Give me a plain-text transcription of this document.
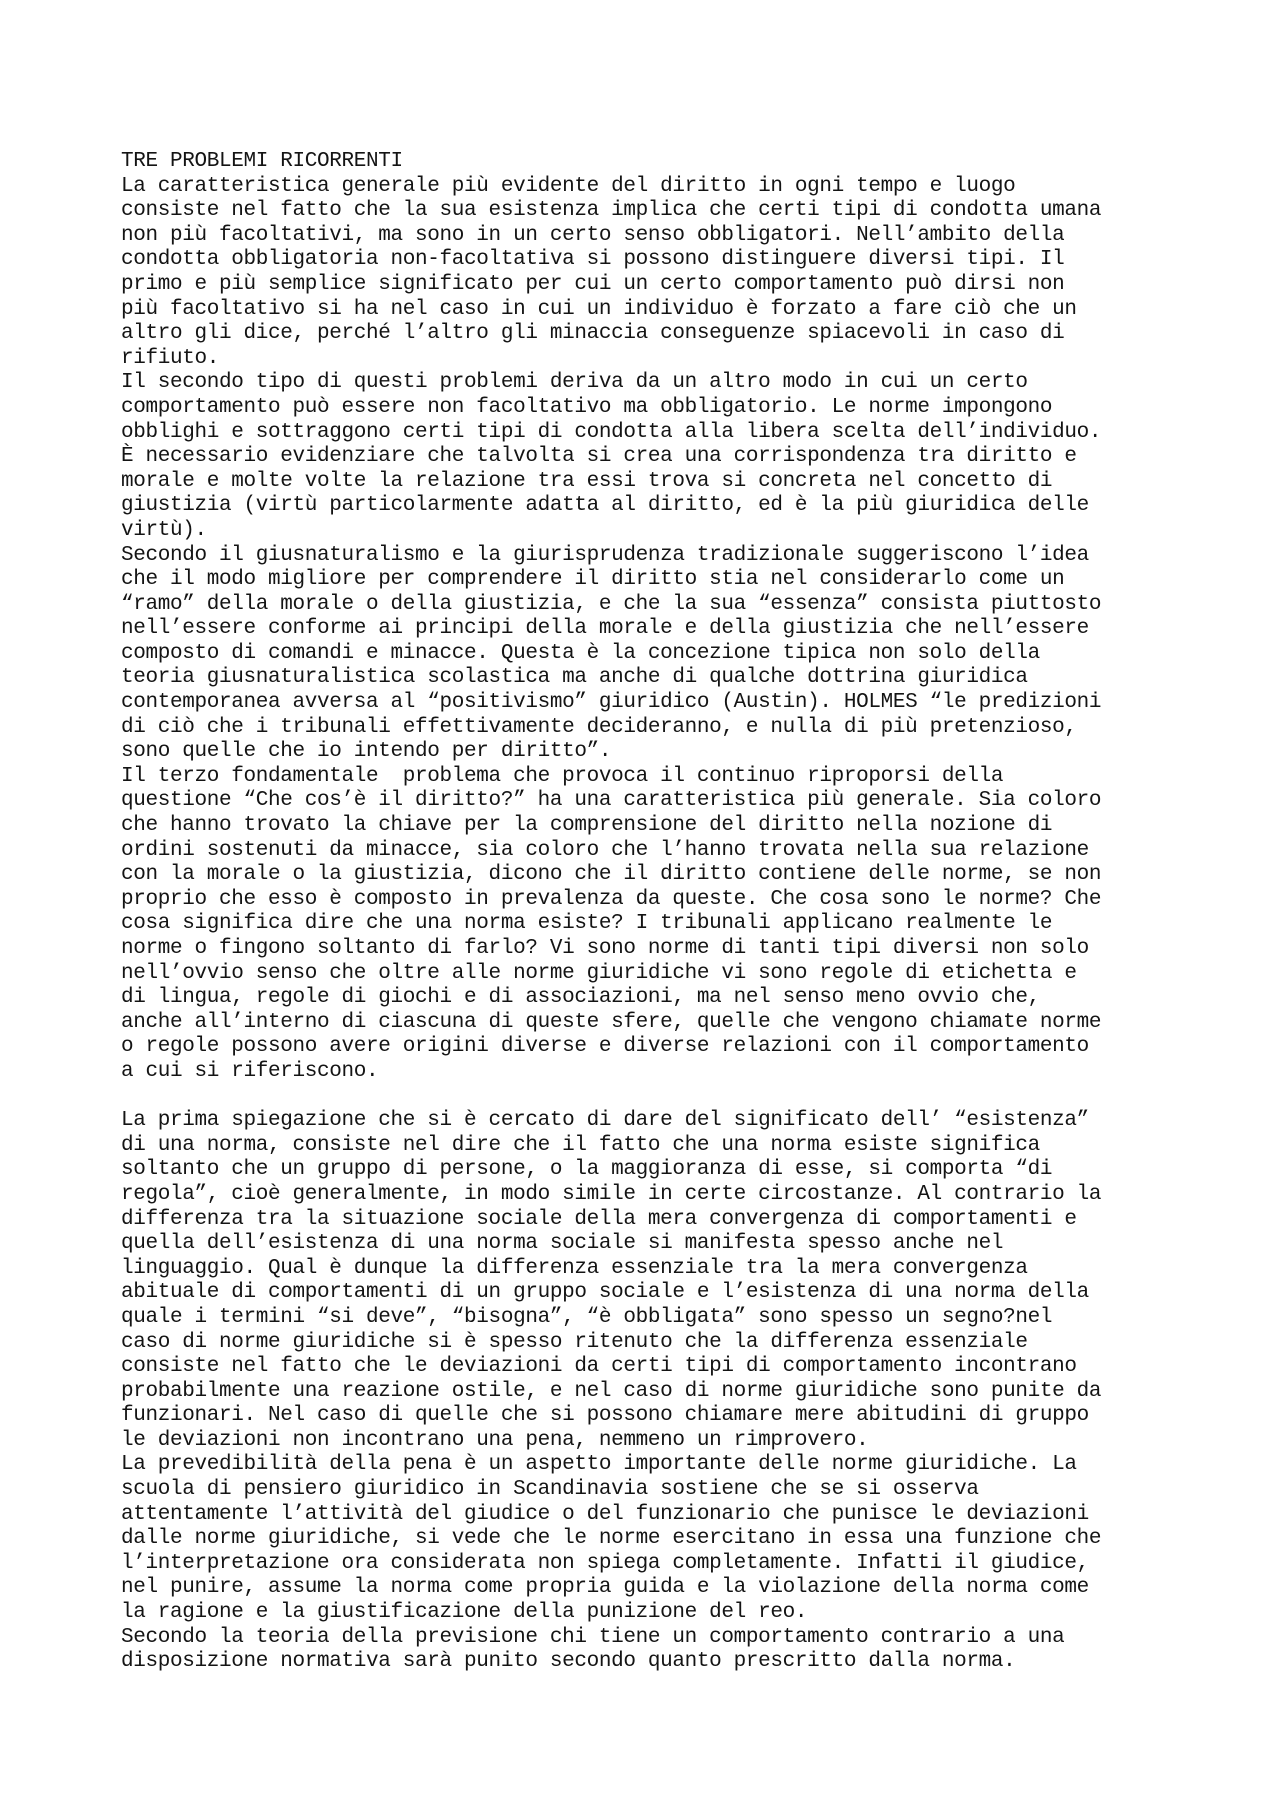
TRE PROBLEMI RICORRENTI
La caratteristica generale più evidente del diritto in ogni tempo e luogo
consiste nel fatto che la sua esistenza implica che certi tipi di condotta umana
non più facoltativi, ma sono in un certo senso obbligatori. Nell’ambito della
condotta obbligatoria non-facoltativa si possono distinguere diversi tipi. Il
primo e più semplice significato per cui un certo comportamento può dirsi non
più facoltativo si ha nel caso in cui un individuo è forzato a fare ciò che un
altro gli dice, perché l’altro gli minaccia conseguenze spiacevoli in caso di
rifiuto.
Il secondo tipo di questi problemi deriva da un altro modo in cui un certo
comportamento può essere non facoltativo ma obbligatorio. Le norme impongono
obblighi e sottraggono certi tipi di condotta alla libera scelta dell’individuo.
È necessario evidenziare che talvolta si crea una corrispondenza tra diritto e
morale e molte volte la relazione tra essi trova si concreta nel concetto di
giustizia (virtù particolarmente adatta al diritto, ed è la più giuridica delle
virtù).
Secondo il giusnaturalismo e la giurisprudenza tradizionale suggeriscono l’idea
che il modo migliore per comprendere il diritto stia nel considerarlo come un
“ramo” della morale o della giustizia, e che la sua “essenza” consista piuttosto
nell’essere conforme ai principi della morale e della giustizia che nell’essere
composto di comandi e minacce. Questa è la concezione tipica non solo della
teoria giusnaturalistica scolastica ma anche di qualche dottrina giuridica
contemporanea avversa al “positivismo” giuridico (Austin). HOLMES “le predizioni
di ciò che i tribunali effettivamente decideranno, e nulla di più pretenzioso,
sono quelle che io intendo per diritto”.
Il terzo fondamentale  problema che provoca il continuo riproporsi della
questione “Che cos’è il diritto?” ha una caratteristica più generale. Sia coloro
che hanno trovato la chiave per la comprensione del diritto nella nozione di
ordini sostenuti da minacce, sia coloro che l’hanno trovata nella sua relazione
con la morale o la giustizia, dicono che il diritto contiene delle norme, se non
proprio che esso è composto in prevalenza da queste. Che cosa sono le norme? Che
cosa significa dire che una norma esiste? I tribunali applicano realmente le
norme o fingono soltanto di farlo? Vi sono norme di tanti tipi diversi non solo
nell’ovvio senso che oltre alle norme giuridiche vi sono regole di etichetta e
di lingua, regole di giochi e di associazioni, ma nel senso meno ovvio che,
anche all’interno di ciascuna di queste sfere, quelle che vengono chiamate norme
o regole possono avere origini diverse e diverse relazioni con il comportamento
a cui si riferiscono.
La prima spiegazione che si è cercato di dare del significato dell’ “esistenza”
di una norma, consiste nel dire che il fatto che una norma esiste significa
soltanto che un gruppo di persone, o la maggioranza di esse, si comporta “di
regola”, cioè generalmente, in modo simile in certe circostanze. Al contrario la
differenza tra la situazione sociale della mera convergenza di comportamenti e
quella dell’esistenza di una norma sociale si manifesta spesso anche nel
linguaggio. Qual è dunque la differenza essenziale tra la mera convergenza
abituale di comportamenti di un gruppo sociale e l’esistenza di una norma della
quale i termini “si deve”, “bisogna”, “è obbligata” sono spesso un segno?nel
caso di norme giuridiche si è spesso ritenuto che la differenza essenziale
consiste nel fatto che le deviazioni da certi tipi di comportamento incontrano
probabilmente una reazione ostile, e nel caso di norme giuridiche sono punite da
funzionari. Nel caso di quelle che si possono chiamare mere abitudini di gruppo
le deviazioni non incontrano una pena, nemmeno un rimprovero.
La prevedibilità della pena è un aspetto importante delle norme giuridiche. La
scuola di pensiero giuridico in Scandinavia sostiene che se si osserva
attentamente l’attività del giudice o del funzionario che punisce le deviazioni
dalle norme giuridiche, si vede che le norme esercitano in essa una funzione che
l’interpretazione ora considerata non spiega completamente. Infatti il giudice,
nel punire, assume la norma come propria guida e la violazione della norma come
la ragione e la giustificazione della punizione del reo.
Secondo la teoria della previsione chi tiene un comportamento contrario a una
disposizione normativa sarà punito secondo quanto prescritto dalla norma.
